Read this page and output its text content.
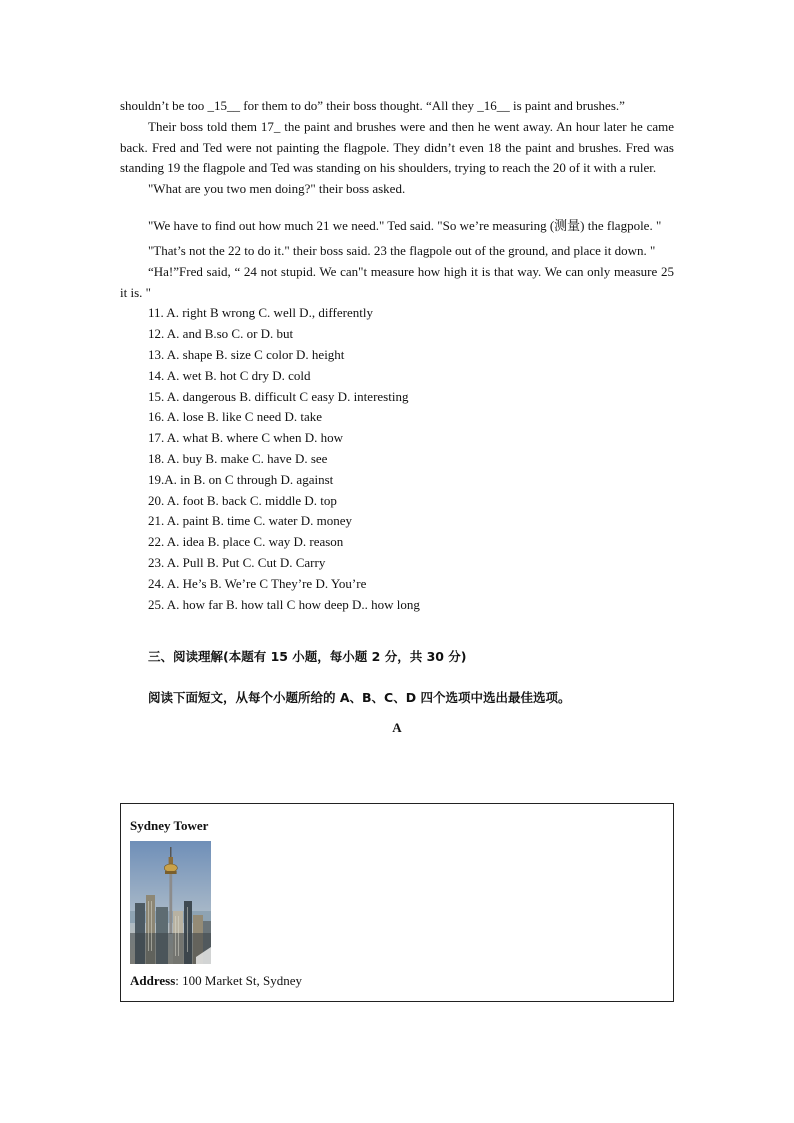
shouldn’t be too _15__ for them to do” their boss thought. “All they _16__ is paint and brushes.”

Their boss told them 17_ the paint and brushes were and then he went away. An hour later he came back. Fred and Ted were not painting the flagpole. They didn’t even 18 the paint and brushes. Fred was standing 19 the flagpole and Ted was standing on his shoulders, trying to reach the 20 of it with a ruler.

"What are you two men doing?" their boss asked.

"We have to find out how much 21 we need." Ted said. "So we’re measuring (测量) the flagpole. "

"That’s not the 22 to do it." their boss said. 23 the flagpole out of the ground, and place it down. "

“Ha!”Fred said, “ 24 not stupid. We can"t measure how high it is that way. We can only measure 25 it is. "

11. A. right B wrong C. well D., differently

12. A. and B.so C. or D. but

13. A. shape B. size C color D. height

14. A. wet B. hot C dry D. cold

15. A. dangerous B. difficult C easy D. interesting

16. A. lose B. like C need D. take

17. A. what B. where C when D. how

18. A. buy B. make C. have D. see

19.A. in B. on C through D. against

20. A. foot B. back C. middle D. top

21. A. paint B. time C. water D. money

22. A. idea B. place C. way D. reason

23. A. Pull B. Put C. Cut D. Carry

24. A. He’s B. We’re C They’re D. You’re

25. A. how far B. how tall C how deep D.. how long

三、阅读理解(本题有 15 小题，每小题 2 分，共 30 分)

阅读下面短文，从每个小题所给的 A、B、C、D 四个选项中选出最佳选项。

A

Sydney Tower
Address: 100 Market St, Sydney
